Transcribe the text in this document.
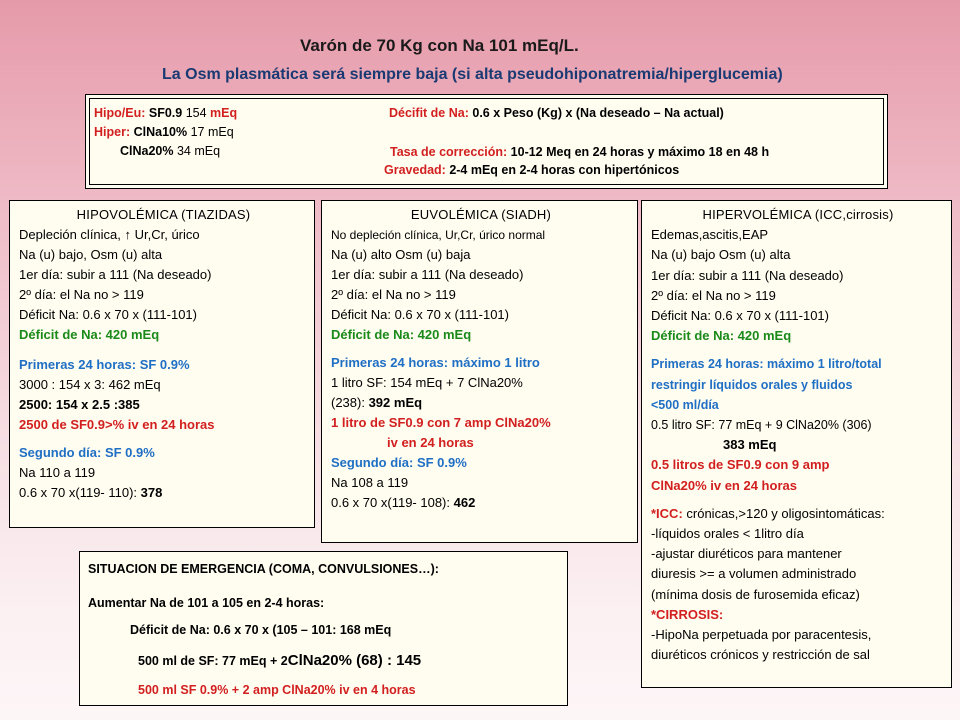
Varón de 70 Kg con Na 101 mEq/L.
La Osm plasmática será siempre baja (si alta pseudohiponatremia/hiperglucemia)
Hipo/Eu: SF0.9 154 mEq
Hiper: ClNa10% 17 mEq
ClNa20% 34 mEq
Décifit de Na: 0.6 x Peso (Kg) x (Na deseado – Na actual)
Tasa de corrección: 10-12 Meq en 24 horas y máximo 18 en 48 h
Gravedad: 2-4 mEq en 2-4 horas con hipertónicos

HIPOVOLÉMICA (TIAZIDAS)

Depleción clínica, ↑ Ur,Cr, úrico

Na (u) bajo, Osm (u) alta

1er día: subir a 111 (Na deseado)

2º día: el Na no > 119

Déficit Na: 0.6 x 70 x (111-101)

Déficit de Na: 420 mEq

Primeras 24 horas: SF 0.9%

3000 : 154 x 3: 462 mEq

2500: 154 x 2.5 :385

2500 de SF0.9>% iv en 24 horas

Segundo día: SF 0.9%

Na 110 a 119

0.6 x 70 x(119- 110): 378

EUVOLÉMICA (SIADH)

No depleción clínica, Ur,Cr, úrico normal

Na (u) alto Osm (u) baja

1er día: subir a 111 (Na deseado)

2º día: el Na no > 119

Déficit Na: 0.6 x 70 x (111-101)

Déficit de Na: 420 mEq

Primeras 24 horas: máximo 1 litro

1 litro SF: 154 mEq + 7 ClNa20%

(238): 392 mEq

1 litro de SF0.9 con 7 amp ClNa20%

iv en 24 horas

Segundo día: SF 0.9%

Na 108 a 119

0.6 x 70 x(119- 108): 462

HIPERVOLÉMICA (ICC,cirrosis)

Edemas,ascitis,EAP

Na (u) bajo Osm (u) alta

1er día: subir a 111 (Na deseado)

2º día: el Na no > 119

Déficit Na: 0.6 x 70 x (111-101)

Déficit de Na: 420 mEq

Primeras 24 horas: máximo 1 litro/total

restringir líquidos orales y fluidos

<500 ml/día

0.5 litro SF: 77 mEq + 9 ClNa20% (306)

383 mEq

0.5 litros de SF0.9 con 9 amp

ClNa20% iv en 24 horas

*ICC: crónicas,>120 y oligosintomáticas:

-líquidos orales < 1litro día

-ajustar diuréticos para mantener

diuresis >= a volumen administrado

(mínima dosis de furosemida eficaz)

*CIRROSIS:

-HipoNa perpetuada por paracentesis,

diuréticos crónicos y restricción de sal

SITUACION DE EMERGENCIA (COMA, CONVULSIONES…):

Aumentar Na de 101 a 105 en 2-4 horas:

Déficit de Na: 0.6 x 70 x (105 – 101: 168 mEq

500 ml de SF: 77 mEq + 2ClNa20% (68) : 145

500 ml SF 0.9% + 2 amp ClNa20% iv en 4 horas
